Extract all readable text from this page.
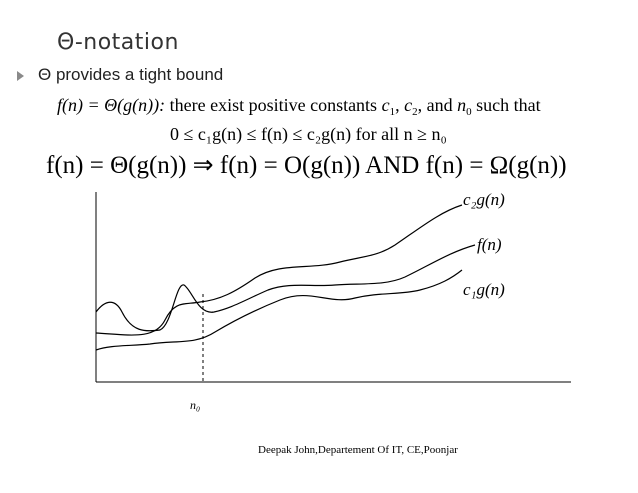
Θ-notation
Θ provides a tight bound
f(n) = Θ(g(n)): there exist positive constants $c_1$, $c_2$, and $n_0$ such that
0 ≤ c₁g(n) ≤ f(n) ≤ c₂g(n) for all n ≥ n₀
f(n) = Θ(g(n)) ⇒ f(n) = O(g(n)) AND f(n) = Ω(g(n))
c₂g(n)
f(n)
c₁g(n)
n₀
Deepak John,Departement Of IT, CE,Poonjar
